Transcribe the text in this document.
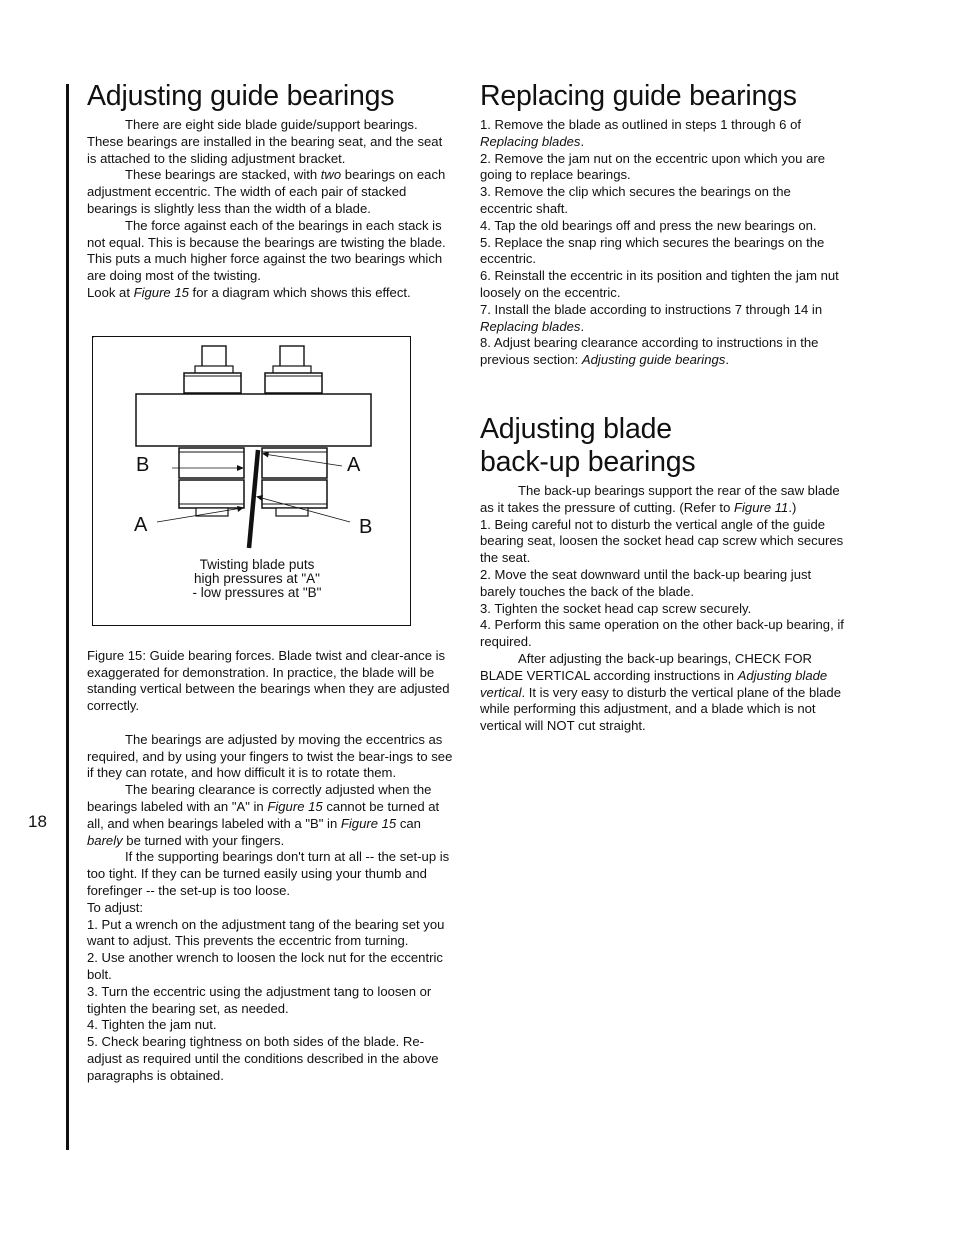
18
Adjusting guide bearings

There are eight side blade guide/support bearings. These bearings are installed in the bearing seat, and the seat is attached to the sliding adjustment bracket.

These bearings are stacked, with two bearings on each adjustment eccentric. The width of each pair of stacked bearings is slightly less than the width of a blade.

The force against each of the bearings in each stack is not equal. This is because the bearings are twisting the blade. This puts a much higher force against the two bearings which are doing most of the twisting.

Look at Figure 15 for a diagram which shows this effect.

.
B	A
A	B
Twisting blade puts
high pressures at "A"
- low pressures at "B"

Figure 15: Guide bearing forces. Blade twist and clear-ance is exaggerated for demonstration. In practice, the blade will be standing vertical between the bearings when they are adjusted correctly.

The bearings are adjusted by moving the eccentrics as required, and by using your fingers to twist the bear-ings to see if they can rotate, and how difficult it is to rotate them.

The bearing clearance is correctly adjusted when the bearings labeled with an "A" in Figure 15 cannot be turned at all, and when bearings labeled with a "B" in Figure 15 can barely be turned with your fingers.

If the supporting bearings don't turn at all -- the set-up is too tight. If they can be turned easily using your thumb and forefinger -- the set-up is too loose.

To adjust:

1. Put a wrench on the adjustment tang of the bearing set you want to adjust. This prevents the eccentric from turning.

2. Use another wrench to loosen the lock nut for the eccentric bolt.

3. Turn the eccentric using the adjustment tang to loosen or tighten the bearing set, as needed.

4. Tighten the jam nut.

5. Check bearing tightness on both sides of the blade. Re-adjust as required until the conditions described in the above paragraphs is obtained.

Replacing guide bearings

1. Remove the blade as outlined in steps 1 through 6 of Replacing blades.

2. Remove the jam nut on the eccentric upon which you are going to replace bearings.

3. Remove the clip which secures the bearings on the eccentric shaft.

4. Tap the old bearings off and press the new bearings on.

5. Replace the snap ring which secures the bearings on the eccentric.

6. Reinstall the eccentric in its position and tighten the jam nut loosely on the eccentric.

7. Install the blade according to instructions 7 through 14 in Replacing blades.

8. Adjust bearing clearance according to instructions in the previous section: Adjusting guide bearings.

Adjusting blade
back-up bearings

The back-up bearings support the rear of the saw blade as it takes the pressure of cutting. (Refer to Figure 11.)

1. Being careful not to disturb the vertical angle of the guide bearing seat, loosen the socket head cap screw which secures the seat.

2. Move the seat downward until the back-up bearing just barely touches the back of the blade.

3. Tighten the socket head cap screw securely.

4. Perform this same operation on the other back-up bearing, if required.

After adjusting the back-up bearings, CHECK FOR BLADE VERTICAL according instructions in Adjusting blade vertical. It is very easy to disturb the vertical plane of the blade while performing this adjustment, and a blade which is not vertical will NOT cut straight.
